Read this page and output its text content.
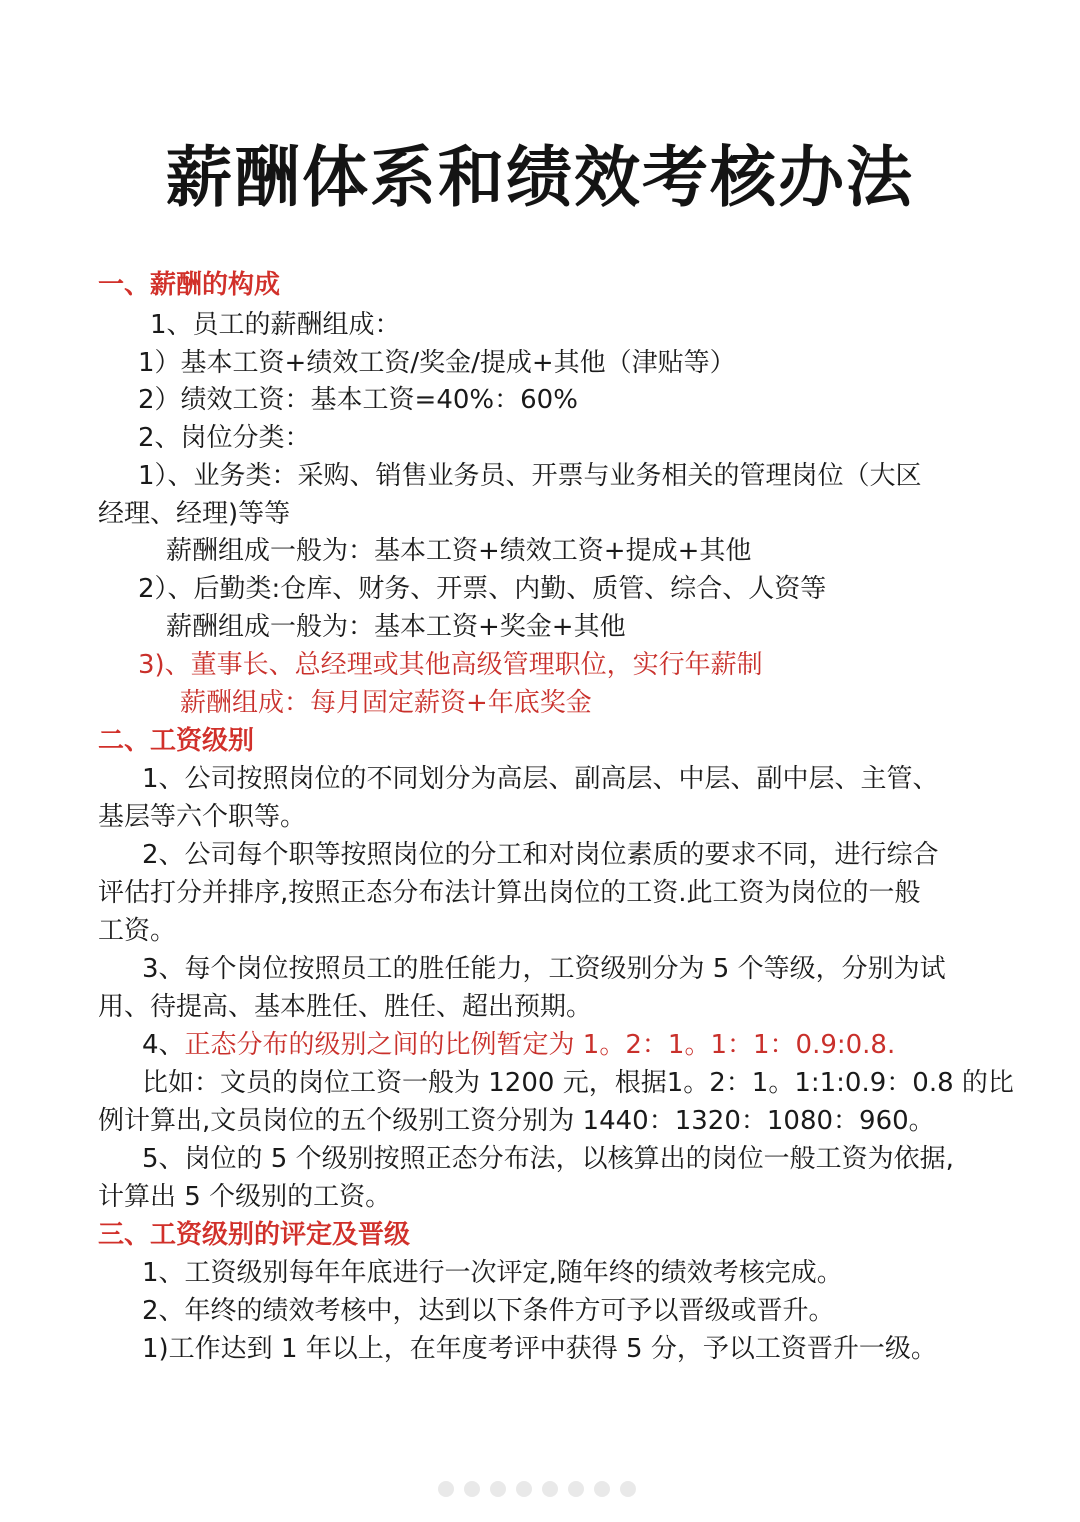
薪酬体系和绩效考核办法
一、薪酬的构成
1、员工的薪酬组成：
1）基本工资+绩效工资/奖金/提成+其他（津贴等）
2）绩效工资：基本工资=40%：60%
2、岗位分类：
1）、业务类：采购、销售业务员、开票与业务相关的管理岗位（大区
经理、经理)等等
薪酬组成一般为：基本工资+绩效工资+提成+其他
2）、后勤类:仓库、财务、开票、内勤、质管、综合、人资等
薪酬组成一般为：基本工资+奖金+其他
3)、董事长、总经理或其他高级管理职位，实行年薪制
薪酬组成：每月固定薪资+年底奖金
二、工资级别
1、公司按照岗位的不同划分为高层、副高层、中层、副中层、主管、
基层等六个职等。
2、公司每个职等按照岗位的分工和对岗位素质的要求不同，进行综合
评估打分并排序,按照正态分布法计算出岗位的工资.此工资为岗位的一般
工资。
3、每个岗位按照员工的胜任能力，工资级别分为 5 个等级，分别为试
用、待提高、基本胜任、胜任、超出预期。
4、正态分布的级别之间的比例暂定为 1。2：1。1：1：0.9:0.8.
比如：文员的岗位工资一般为 1200 元，根据1。2：1。1:1:0.9：0.8 的比
例计算出,文员岗位的五个级别工资分别为 1440：1320：1080：960。
5、岗位的 5 个级别按照正态分布法，以核算出的岗位一般工资为依据,
计算出 5 个级别的工资。
三、工资级别的评定及晋级
1、工资级别每年年底进行一次评定,随年终的绩效考核完成。
2、年终的绩效考核中，达到以下条件方可予以晋级或晋升。
1)工作达到 1 年以上，在年度考评中获得 5 分，予以工资晋升一级。
